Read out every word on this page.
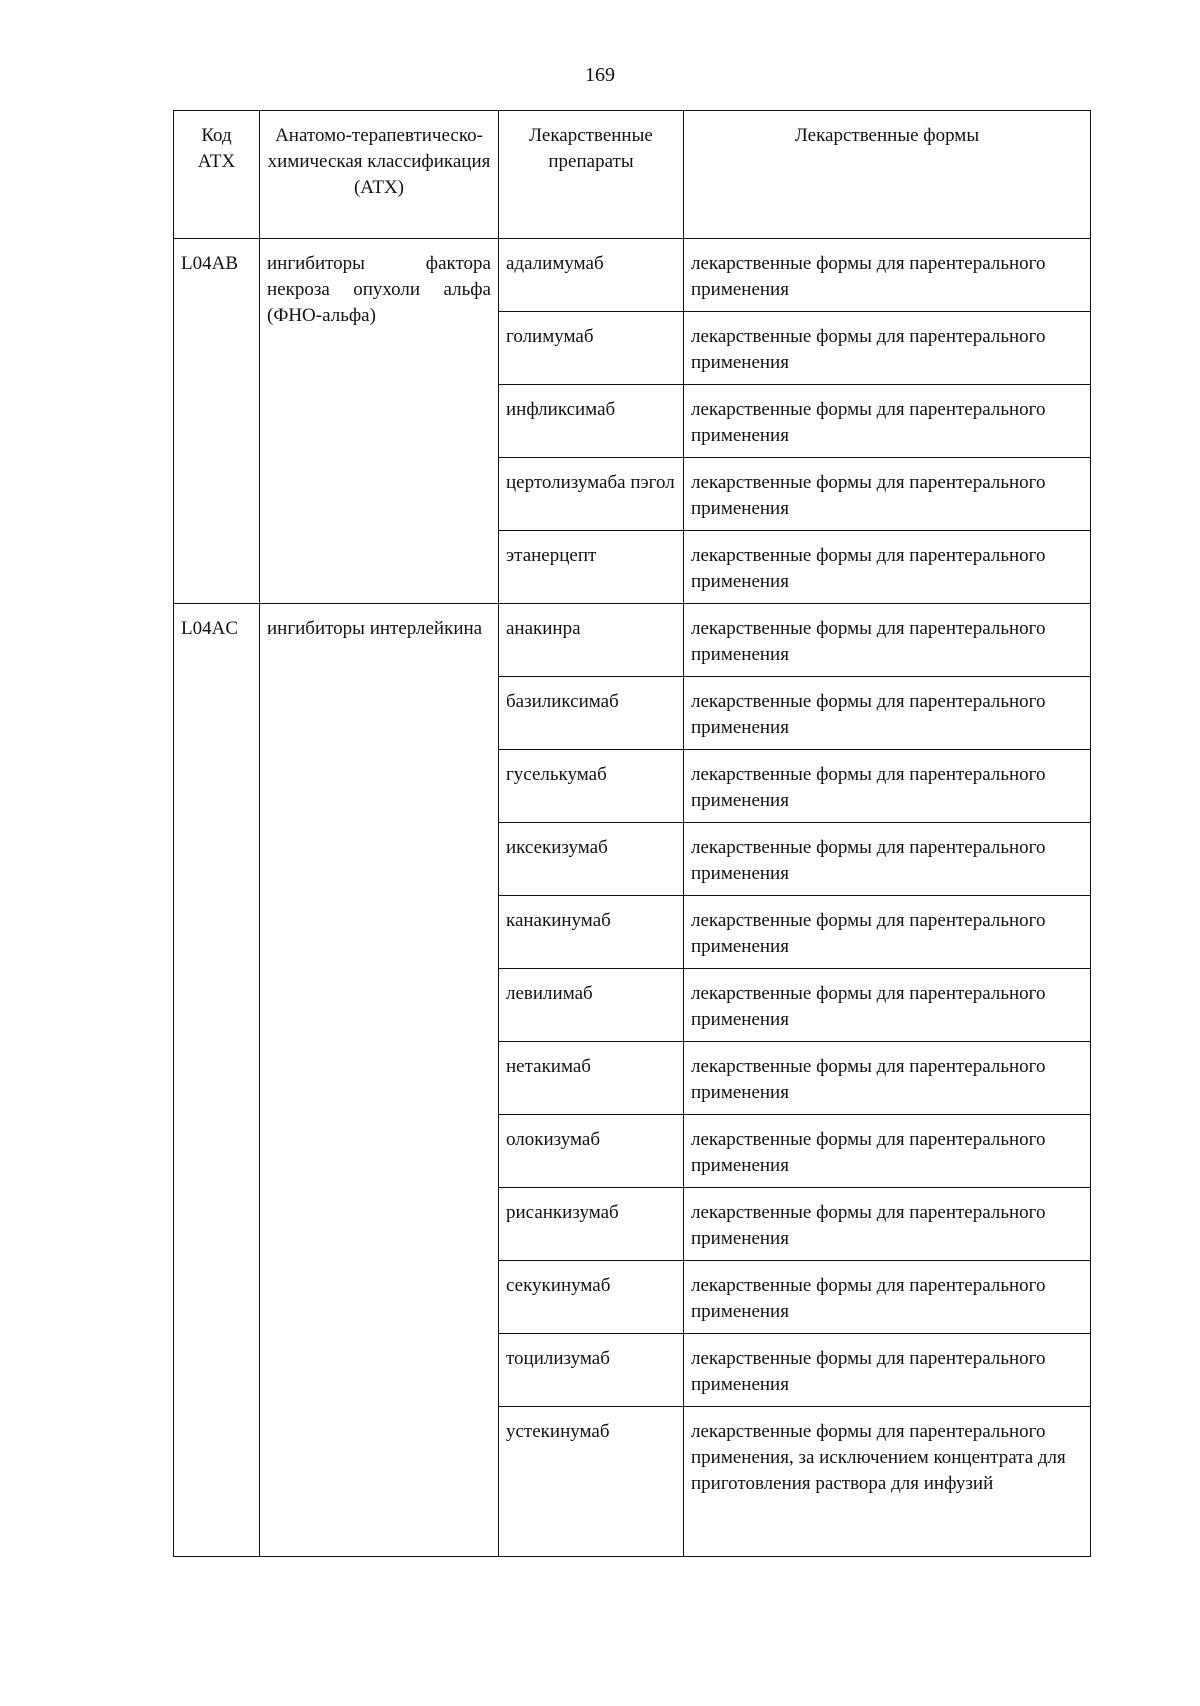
169
Код АТХ	Анатомо-терапевтическо-химическая классификация (АТХ)	Лекарственные препараты	Лекарственные формы
L04AB	ингибиторы фактора некроза опухоли альфа (ФНО-альфа)	адалимумаб	лекарственные формы для парентерального применения
		голимумаб	лекарственные формы для парентерального применения
		инфликсимаб	лекарственные формы для парентерального применения
		цертолизумаба пэгол	лекарственные формы для парентерального применения
		этанерцепт	лекарственные формы для парентерального применения
L04AC	ингибиторы интерлейкина	анакинра	лекарственные формы для парентерального применения
		базиликсимаб	лекарственные формы для парентерального применения
		гуселькумаб	лекарственные формы для парентерального применения
		иксекизумаб	лекарственные формы для парентерального применения
		канакинумаб	лекарственные формы для парентерального применения
		левилимаб	лекарственные формы для парентерального применения
		нетакимаб	лекарственные формы для парентерального применения
		олокизумаб	лекарственные формы для парентерального применения
		рисанкизумаб	лекарственные формы для парентерального применения
		секукинумаб	лекарственные формы для парентерального применения
		тоцилизумаб	лекарственные формы для парентерального применения
		устекинумаб	лекарственные формы для парентерального применения, за исключением концентрата для приготовления раствора для инфузий
